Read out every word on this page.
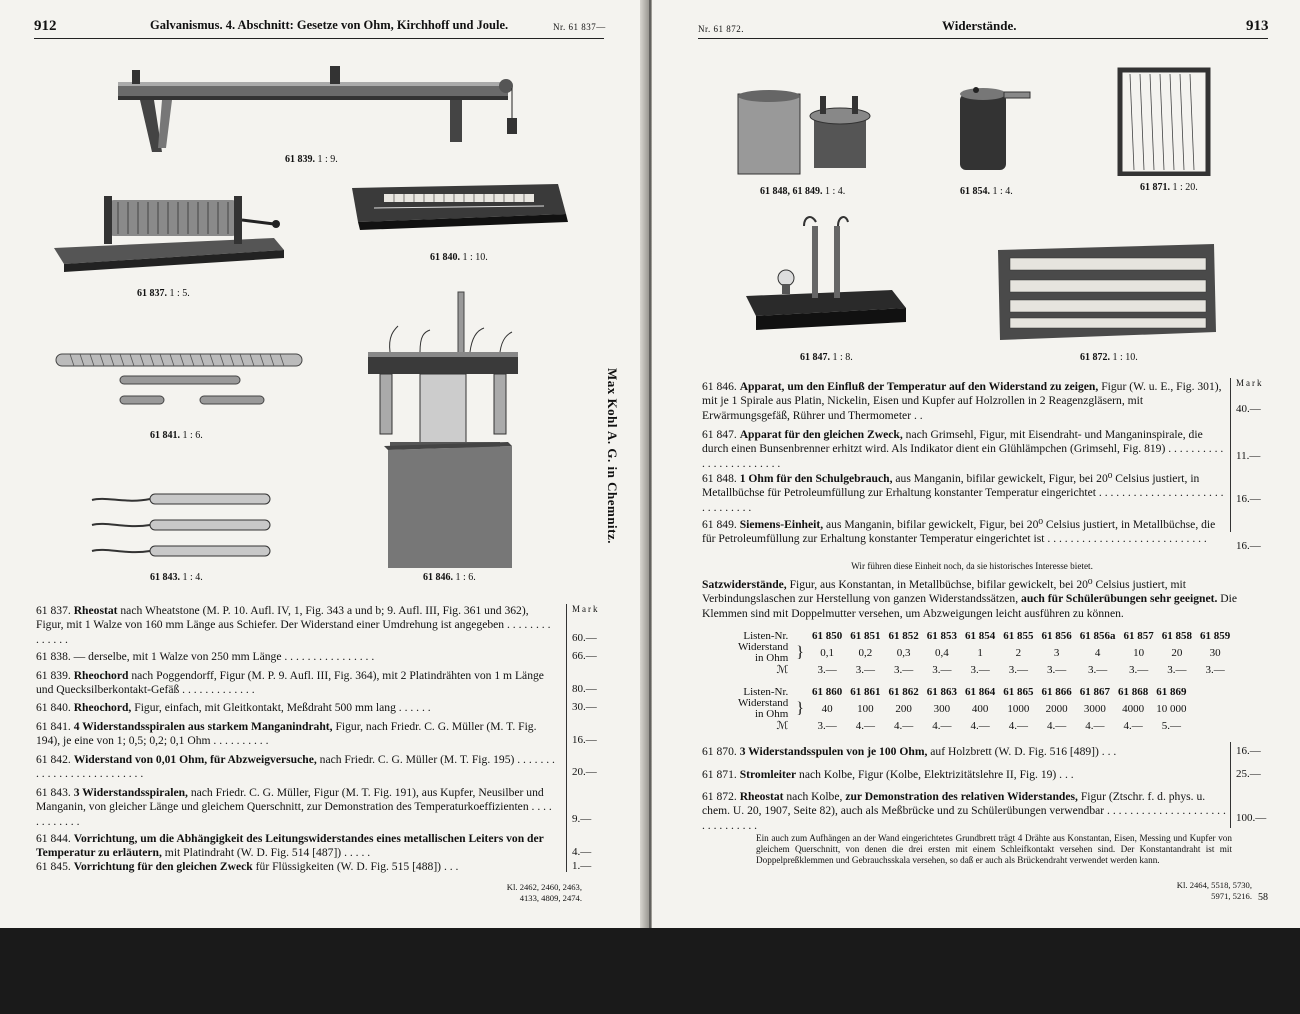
912	Galvanismus. 4. Abschnitt: Gesetze von Ohm, Kirchhoff und Joule.	Nr. 61 837—
61 839. 1 : 9.
61 837. 1 : 5.
61 840. 1 : 10.
61 841. 1 : 6.
61 843. 1 : 4.	61 846. 1 : 6.
Mark
61 837. Rheostat nach Wheatstone (M. P. 10. Aufl. IV, 1, Fig. 343 a und b; 9. Aufl. III, Fig. 361 und 362), Figur, mit 1 Walze von 160 mm Länge aus Schiefer. Der Widerstand einer Umdrehung ist angegeben . . . . . . . . . . . . . .	60.—
61 838. — derselbe, mit 1 Walze von 250 mm Länge . . . . . . . . . . . . . . . .	66.—
61 839. Rheochord nach Poggendorff, Figur (M. P. 9. Aufl. III, Fig. 364), mit 2 Platindrähten von 1 m Länge und Quecksilberkontakt-Gefäß . . . . . . . . . . . . .	80.—
61 840. Rheochord, Figur, einfach, mit Gleitkontakt, Meßdraht 500 mm lang . . . . . .	30.—
61 841. 4 Widerstandsspiralen aus starkem Manganindraht, Figur, nach Friedr. C. G. Müller (M. T. Fig. 194), je eine von 1; 0,5; 0,2; 0,1 Ohm . . . . . . . . . .	16.—
61 842. Widerstand von 0,01 Ohm, für Abzweigversuche, nach Friedr. C. G. Müller (M. T. Fig. 195) . . . . . . . . . . . . . . . . . . . . . . . . . .	20.—
61 843. 3 Widerstandsspiralen, nach Friedr. C. G. Müller, Figur (M. T. Fig. 191), aus Kupfer, Neusilber und Manganin, von gleicher Länge und gleichem Querschnitt, zur Demonstration des Temperaturkoeffizienten . . . . . . . . . . . .	9.—
61 844. Vorrichtung, um die Abhängigkeit des Leitungswiderstandes eines metallischen Leiters von der Temperatur zu erläutern, mit Platindraht (W. D. Fig. 514 [487]) . . . . .	4.—
61 845. Vorrichtung für den gleichen Zweck für Flüssigkeiten (W. D. Fig. 515 [488]) . . .	1.—
Kl. 2462, 2460, 2463,
4133, 4809, 2474.
Max Kohl A. G. in Chemnitz.
Nr. 61 872.	Widerstände.	913
61 848, 61 849. 1 : 4.	61 854. 1 : 4.	61 871. 1 : 20.
61 847. 1 : 8.	61 872. 1 : 10.
Mark
61 846. Apparat, um den Einfluß der Temperatur auf den Widerstand zu zeigen, Figur (W. u. E., Fig. 301), mit je 1 Spirale aus Platin, Nickelin, Eisen und Kupfer auf Holzrollen in 2 Reagenzgläsern, mit Erwärmungsgefäß, Rührer und Thermometer . .	40.—
61 847. Apparat für den gleichen Zweck, nach Grimsehl, Figur, mit Eisendraht- und Manganinspirale, die durch einen Bunsenbrenner erhitzt wird. Als Indikator dient ein Glühlämpchen (Grimsehl, Fig. 819) . . . . . . . . . . . . . . . . . . . . . . . .
11.—
61 848. 1 Ohm für den Schulgebrauch, aus Manganin, bifilar gewickelt, Figur, bei 20⁰ Celsius justiert, in Metallbüchse für Petroleumfüllung zur Erhaltung konstanter Temperatur eingerichtet . . . . . . . . . . . . . . . . . . . . . . . . . . . . . . .
16.—
61 849. Siemens-Einheit, aus Manganin, bifilar gewickelt, Figur, bei 20⁰ Celsius justiert, in Metallbüchse, die für Petroleumfüllung zur Erhaltung konstanter Temperatur eingerichtet ist . . . . . . . . . . . . . . . . . . . . . . . . . . . .
16.—
Wir führen diese Einheit noch, da sie historisches Interesse bietet.
Satzwiderstände, Figur, aus Konstantan, in Metallbüchse, bifilar gewickelt, bei 20⁰ Celsius justiert, mit Verbindungslaschen zur Herstellung von ganzen Widerstandssätzen, auch für Schülerübungen sehr geeignet. Die Klemmen sind mit Doppelmutter versehen, um Abzweigungen leicht ausführen zu können.
Listen-Nr.		61 850	61 851	61 852	61 853	61 854	61 855	61 856	61 856a	61 857	61 858	61 859

Widerstand
in Ohm	}	0,1	0,2	0,3	0,4	1	2	3	4	10	20	30
ℳ		3.—	3.—	3.—	3.—	3.—	3.—	3.—	3.—	3.—	3.—	3.—
Listen-Nr.		61 860	61 861	61 862	61 863	61 864	61 865	61 866	61 867	61 868	61 869

Widerstand
in Ohm	}	40	100	200	300	400	1000	2000	3000	4000	10 000
ℳ		3.—	4.—	4.—	4.—	4.—	4.—	4.—	4.—	4.—	5.—
61 870. 3 Widerstandsspulen von je 100 Ohm, auf Holzbrett (W. D. Fig. 516 [489]) . . .	16.—
61 871. Stromleiter nach Kolbe, Figur (Kolbe, Elektrizitätslehre II, Fig. 19) . . .	25.—
61 872. Rheostat nach Kolbe, zur Demonstration des relativen Widerstandes, Figur (Ztschr. f. d. phys. u. chem. U. 20, 1907, Seite 82), auch als Meßbrücke und zu Schülerübungen verwendbar . . . . . . . . . . . . . . . . . . . . . . . . . . . . . . .
100.—
Ein auch zum Aufhängen an der Wand eingerichtetes Grundbrett trägt 4 Drähte aus Konstantan, Eisen, Messing und Kupfer von gleichem Querschnitt, von denen die drei ersten mit einem Schleifkontakt versehen sind. Der Konstantandraht ist mit Doppelpreßklemmen und Gebrauchsskala versehen, so daß er auch als Brückendraht verwendet werden kann.
Kl. 2464, 5518, 5730,
5971, 5216. 58
